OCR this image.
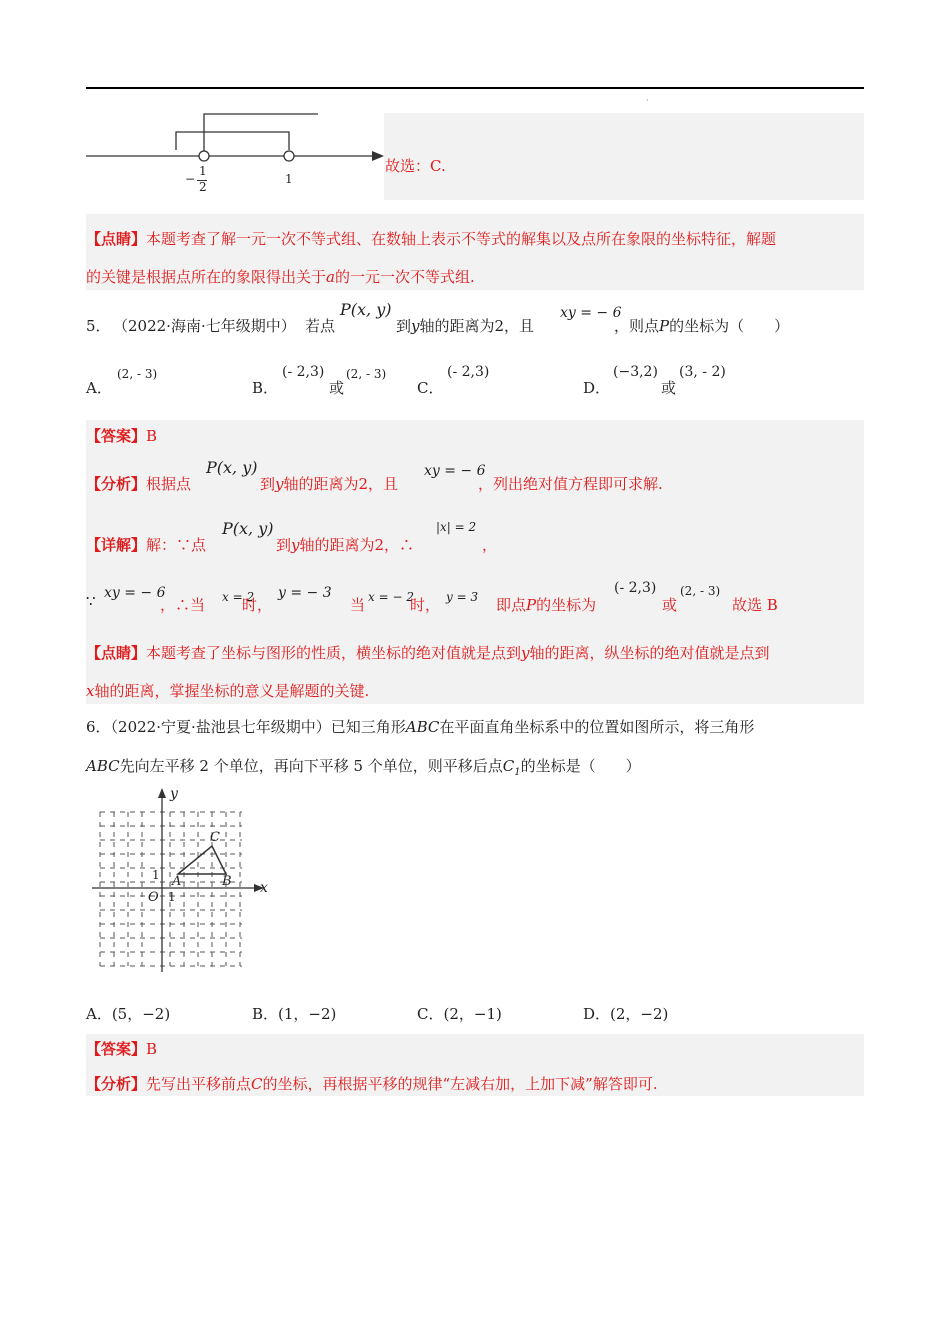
·
−
1
2
1
故选：C.
【点睛】本题考查了解一元一次不等式组、在数轴上表示不等式的解集以及点所在象限的坐标特征，解题
的关键是根据点所在的象限得出关于a的一元一次不等式组.
5． （2022·海南·七年级期中） 若点
P(x, y)
到y轴的距离为2，且
xy = − 6
，则点P的坐标为（　　）
A．
(2, - 3)
B．
(- 2,3)
或
(2, - 3)
C．
(- 2,3)
D．
(−3,2)
或
(3, - 2)
【答案】B
【分析】根据点
P(x, y)
到y轴的距离为2，且
xy = − 6
，列出绝对值方程即可求解.
【详解】解：∵点
P(x, y)
到y轴的距离为2，∴
|x| = 2
，
∵ xy = − 6
，∴当 x = 2
时，
y = − 3
当 x = − 2
时， y = 3 即点P的坐标为
(- 2,3)
或
(2, - 3)
故选 B
【点睛】本题考查了坐标与图形的性质，横坐标的绝对值就是点到y轴的距离，纵坐标的绝对值就是点到
x轴的距离，掌握坐标的意义是解题的关键.
6．（2022·宁夏·盐池县七年级期中）已知三角形ABC在平面直角坐标系中的位置如图所示，将三角形
ABC先向左平移 2 个单位，再向下平移 5 个单位，则平移后点$C_1$的坐标是（　　）
y
x
O 1
1 A	B
C
A．(5，−2)	B．(1，−2)	C．(2，−1)	D．(2，−2)
【答案】B
【分析】先写出平移前点C的坐标，再根据平移的规律“左减右加，上加下减”解答即可.
